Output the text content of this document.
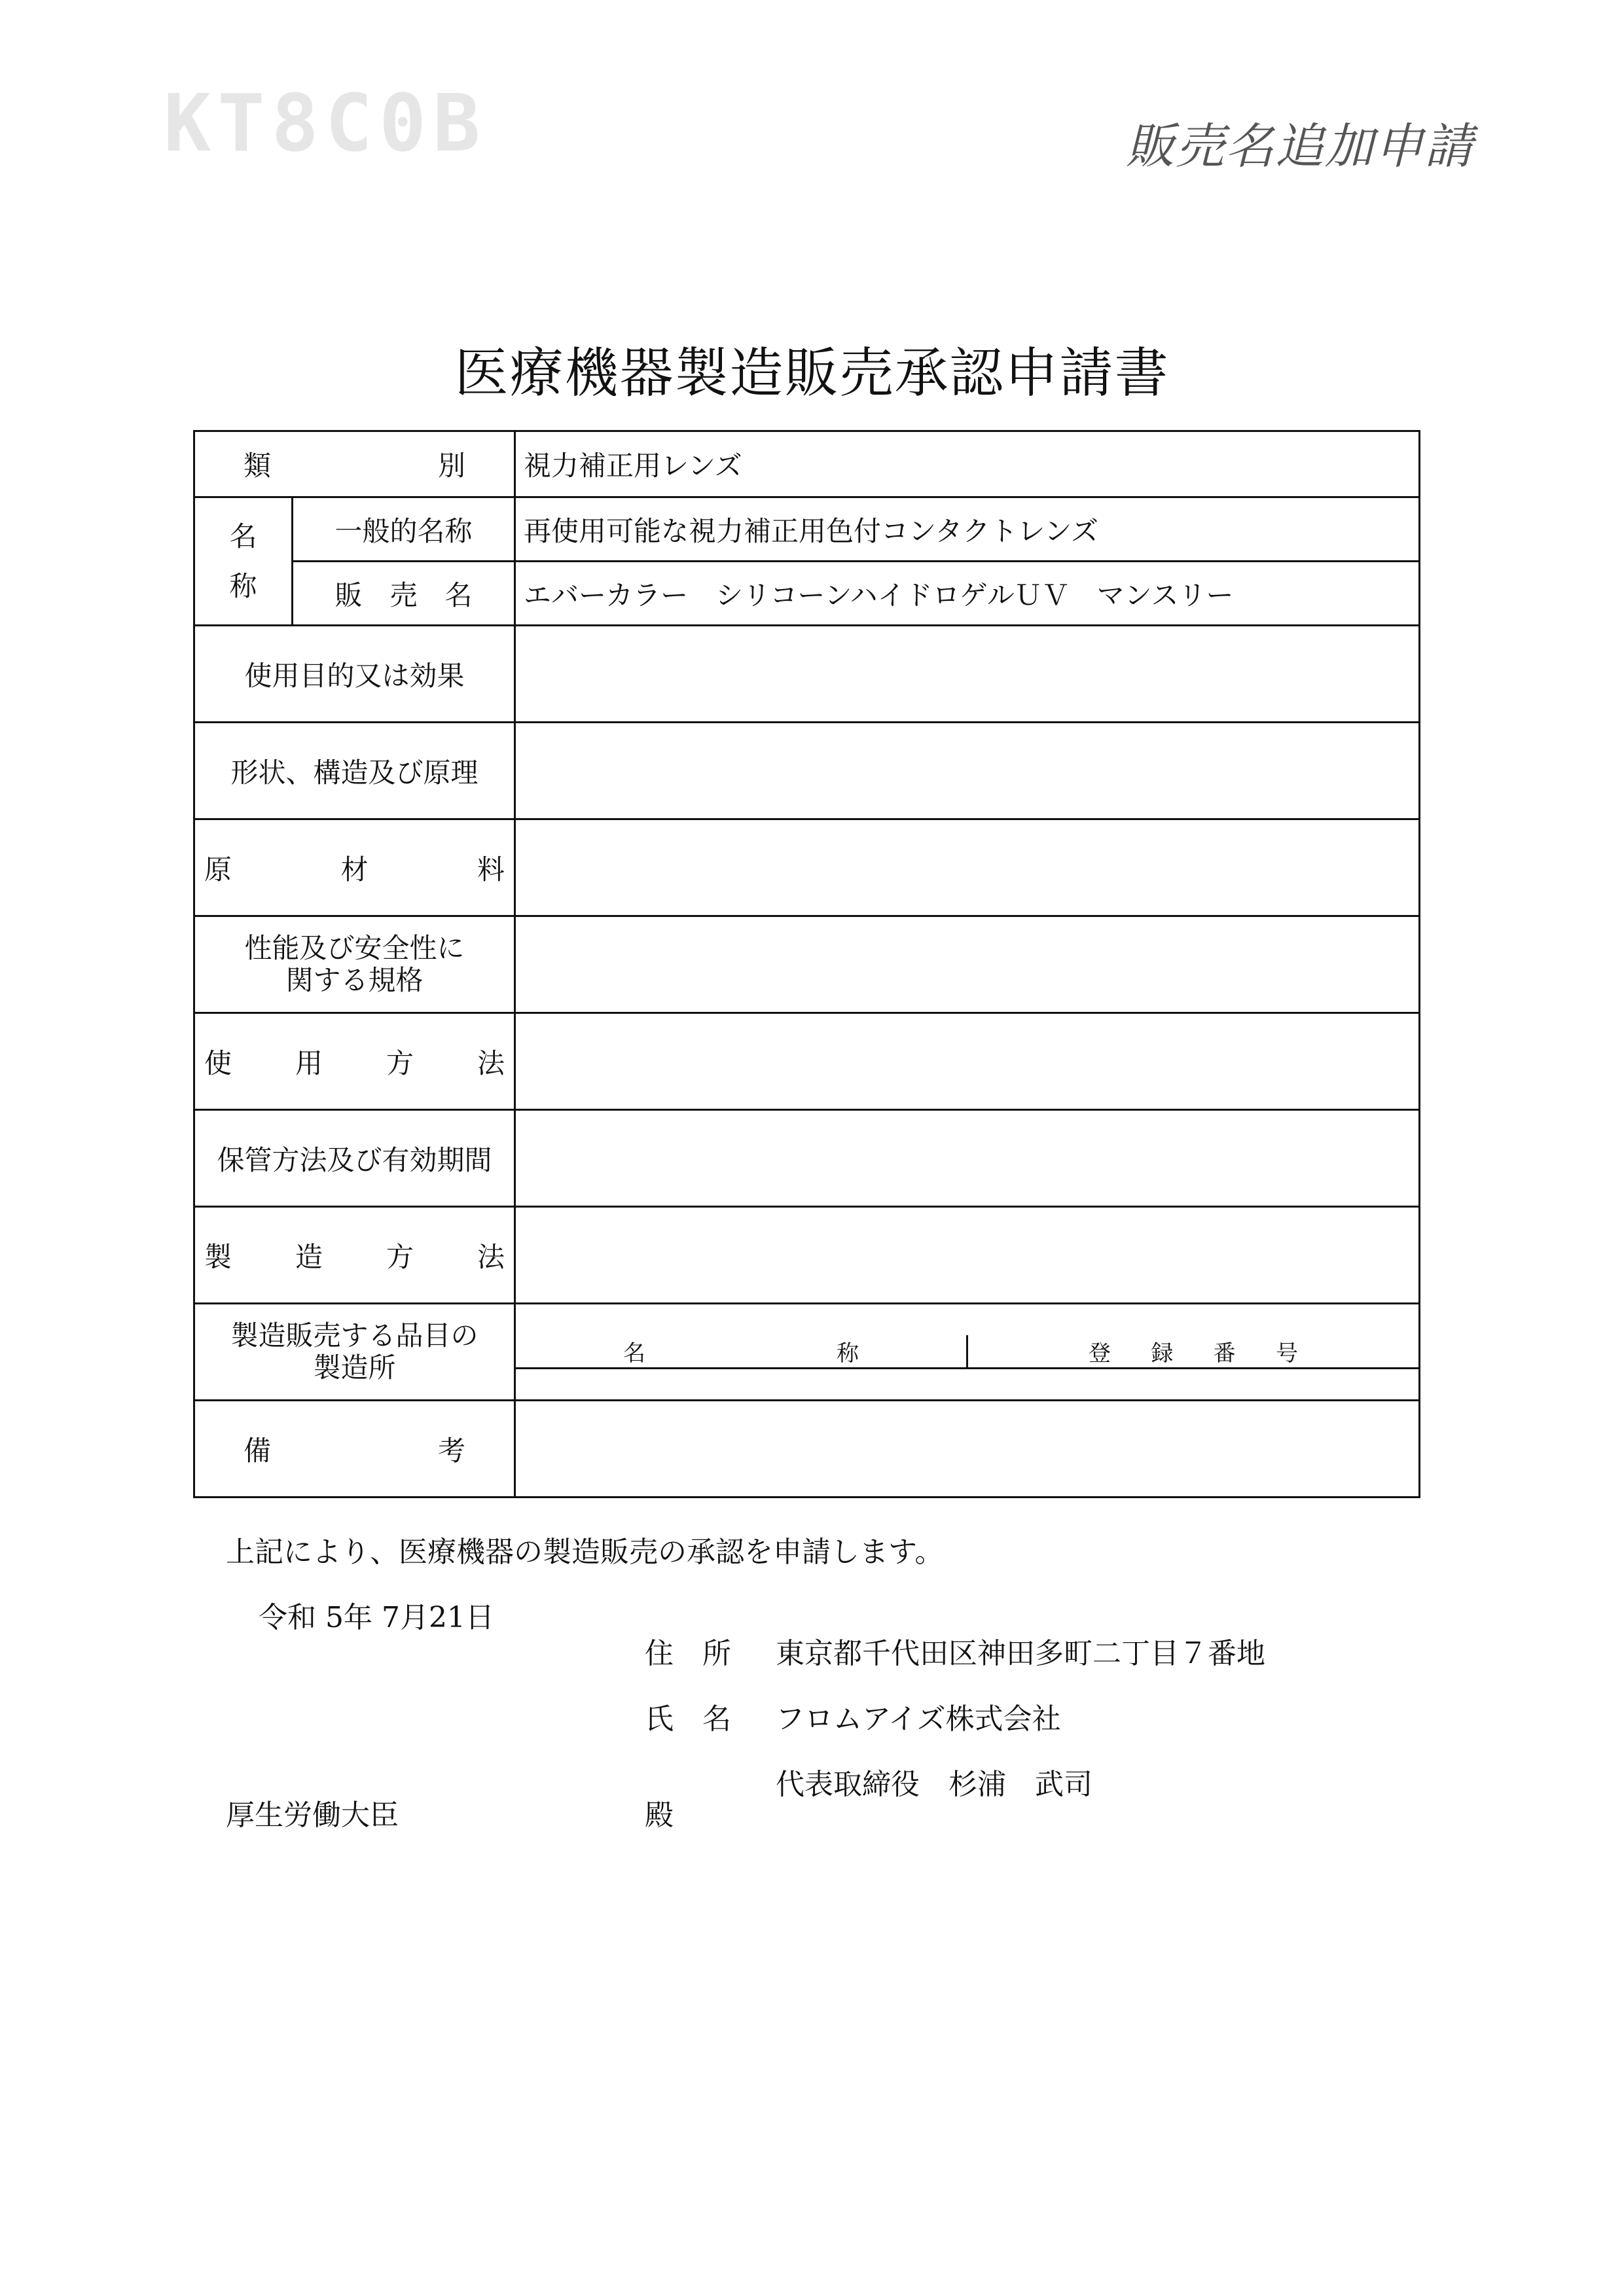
KT8C0B	販売名追加申請
医療機器製造販売承認申請書
類	別	視力補正用レンズ

名
称
	一般的名称	再使用可能な視力補正用色付コンタクトレンズ
販　売　名	エバーカラー　シリコーンハイドロゲルＵＶ　マンスリー
使用目的又は効果	
形状、構造及び原理	

原	材	料

性能及び安全性に
関する規格

使 用 方 法

保管方法及び有効期間	

製 造 方 法

製造販売する品目の
製造所
		名	称	登 録 番 号

備	考

上記により、医療機器の製造販売の承認を申請します。
令和 5年 7月21日
住　所 東京都千代田区神田多町二丁目７番地
氏　名 フロムアイズ株式会社
代表取締役　杉浦　武司
厚生労働大臣	殿
